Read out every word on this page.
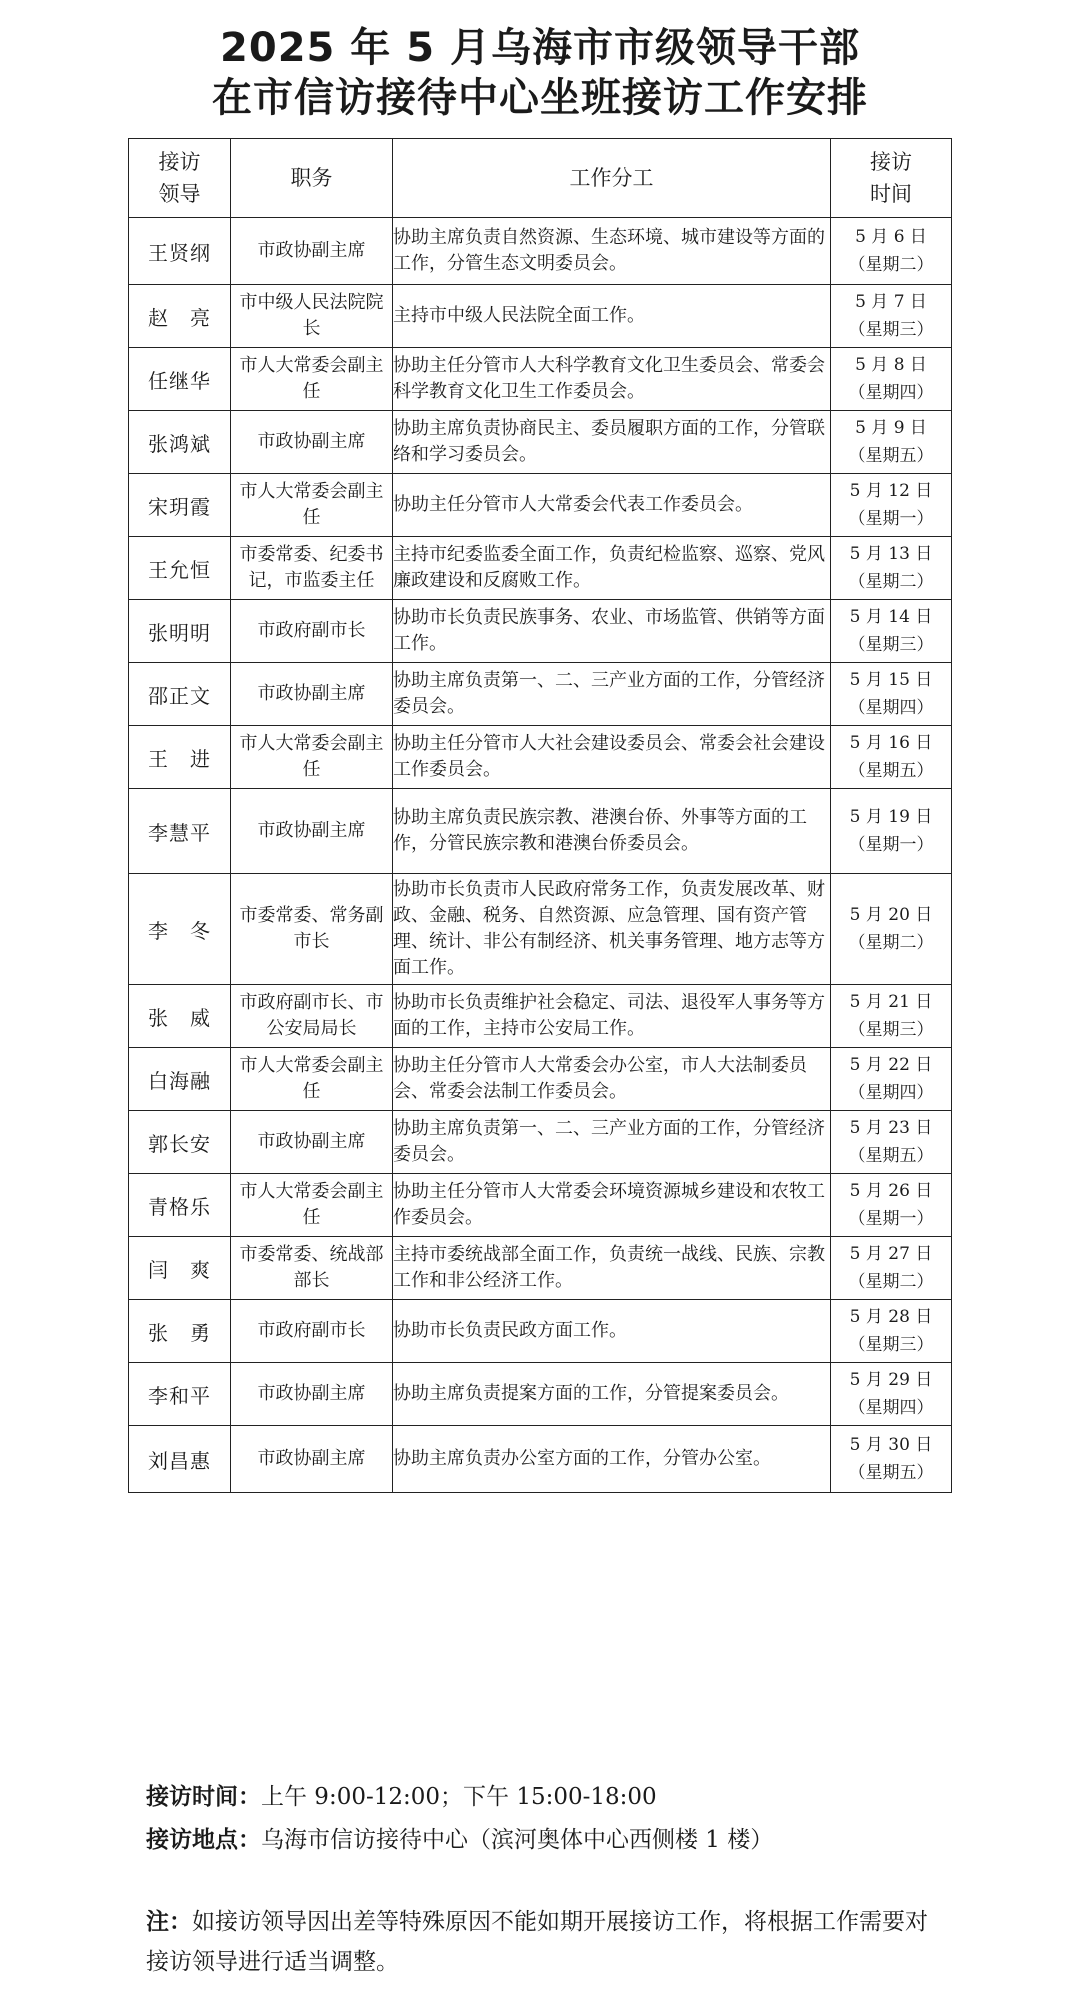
2025 年 5 月乌海市市级领导干部
在市信访接待中心坐班接访工作安排
接访领导	职务	工作分工	接访时间

王贤纲	市政协副主席	协助主席负责自然资源、生态环境、城市建设等方面的工作，分管生态文明委员会。	5 月 6 日
（星期二）

赵　亮	市中级人民法院院长	主持市中级人民法院全面工作。	5 月 7 日
（星期三）

任继华	市人大常委会副主任	协助主任分管市人大科学教育文化卫生委员会、常委会科学教育文化卫生工作委员会。	5 月 8 日
（星期四）

张鸿斌	市政协副主席	协助主席负责协商民主、委员履职方面的工作，分管联络和学习委员会。	5 月 9 日
（星期五）

宋玥霞	市人大常委会副主任	协助主任分管市人大常委会代表工作委员会。	5 月 12 日
（星期一）

王允恒	市委常委、纪委书记，市监委主任	主持市纪委监委全面工作，负责纪检监察、巡察、党风廉政建设和反腐败工作。	5 月 13 日
（星期二）

张明明	市政府副市长	协助市长负责民族事务、农业、市场监管、供销等方面工作。	5 月 14 日
（星期三）

邵正文	市政协副主席	协助主席负责第一、二、三产业方面的工作，分管经济委员会。	5 月 15 日
（星期四）

王　进	市人大常委会副主任	协助主任分管市人大社会建设委员会、常委会社会建设工作委员会。	5 月 16 日
（星期五）

李慧平	市政协副主席	协助主席负责民族宗教、港澳台侨、外事等方面的工作，分管民族宗教和港澳台侨委员会。	5 月 19 日
（星期一）

李　冬	市委常委、常务副市长	协助市长负责市人民政府常务工作，负责发展改革、财政、金融、税务、自然资源、应急管理、国有资产管理、统计、非公有制经济、机关事务管理、地方志等方面工作。	5 月 20 日
（星期二）

张　威	市政府副市长、市公安局局长	协助市长负责维护社会稳定、司法、退役军人事务等方面的工作，主持市公安局工作。	5 月 21 日
（星期三）

白海融	市人大常委会副主任	协助主任分管市人大常委会办公室，市人大法制委员会、常委会法制工作委员会。	5 月 22 日
（星期四）

郭长安	市政协副主席	协助主席负责第一、二、三产业方面的工作，分管经济委员会。	5 月 23 日
（星期五）

青格乐	市人大常委会副主任	协助主任分管市人大常委会环境资源城乡建设和农牧工作委员会。	5 月 26 日
（星期一）

闫　爽	市委常委、统战部部长	主持市委统战部全面工作，负责统一战线、民族、宗教工作和非公经济工作。	5 月 27 日
（星期二）

张　勇	市政府副市长	协助市长负责民政方面工作。	5 月 28 日
（星期三）

李和平	市政协副主席	协助主席负责提案方面的工作，分管提案委员会。	5 月 29 日
（星期四）

刘昌惠	市政协副主席	协助主席负责办公室方面的工作，分管办公室。	5 月 30 日
（星期五）
接访时间：上午 9:00-12:00；下午 15:00-18:00
接访地点：乌海市信访接待中心（滨河奥体中心西侧楼 1 楼）
注：如接访领导因出差等特殊原因不能如期开展接访工作，将根据工作需要对接访领导进行适当调整。
